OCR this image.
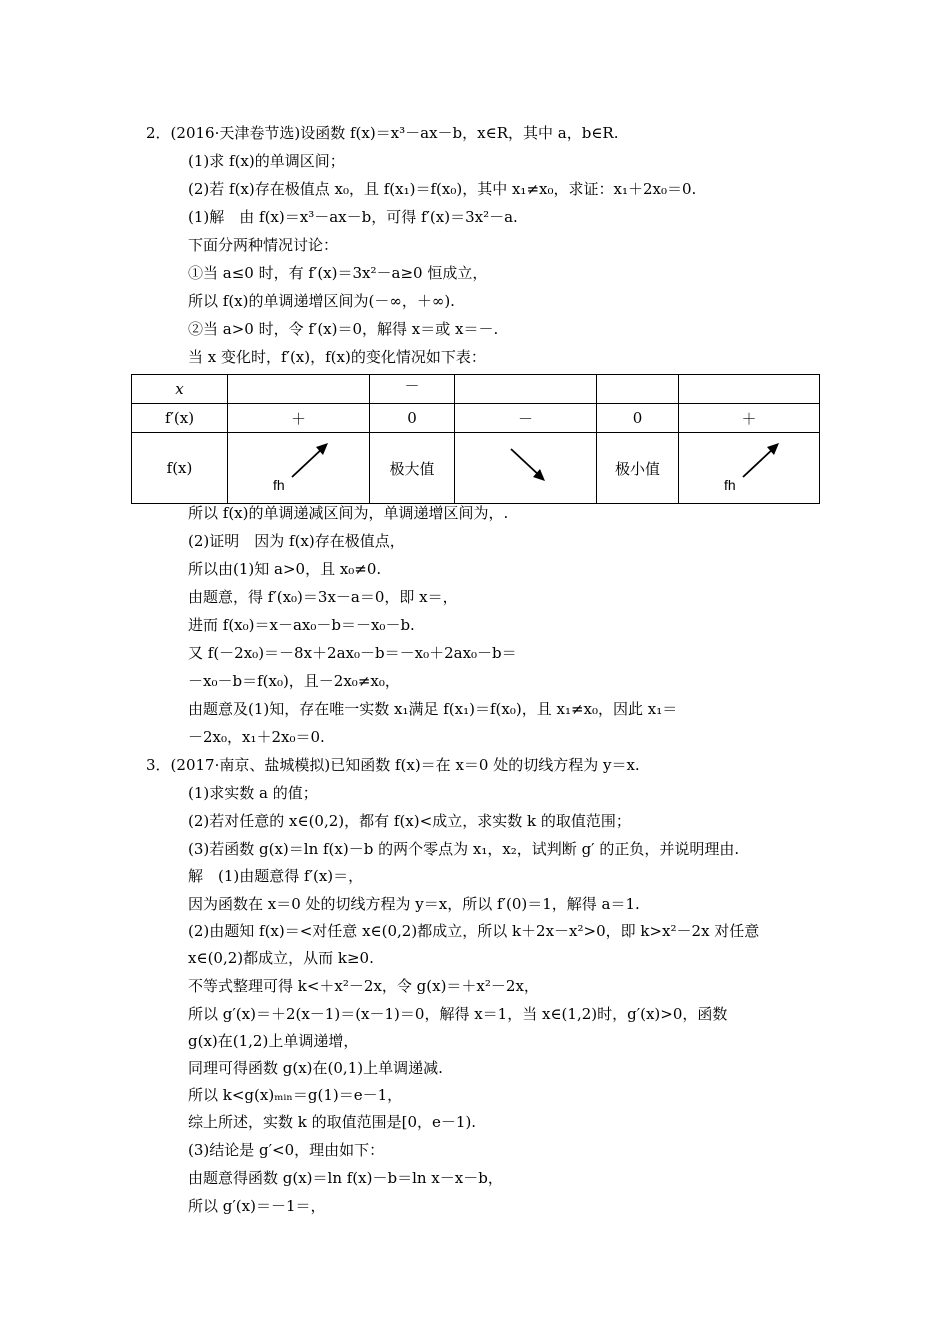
2．(2016·天津卷节选)设函数 f(x)＝x³－ax－b，x∈R，其中 a，b∈R.
(1)求 f(x)的单调区间；
(2)若 f(x)存在极值点 x₀，且 f(x₁)＝f(x₀)，其中 x₁≠x₀，求证：x₁＋2x₀＝0.
(1)解　由 f(x)＝x³－ax－b，可得 f′(x)＝3x²－a.
下面分两种情况讨论：
①当 a≤0 时，有 f′(x)＝3x²－a≥0 恒成立，
所以 f(x)的单调递增区间为(－∞，＋∞).
②当 a>0 时，令 f′(x)＝0，解得 x＝或 x＝－.
当 x 变化时，f′(x)，f(x)的变化情况如下表：
x		－			
f′(x)	＋	0	－	0	＋
f(x)	fh	极大值		极小值	fh
所以 f(x)的单调递减区间为，单调递增区间为，.
(2)证明　因为 f(x)存在极值点，
所以由(1)知 a>0，且 x₀≠0.
由题意，得 f′(x₀)＝3x－a＝0，即 x＝，
进而 f(x₀)＝x－ax₀－b＝－x₀－b.
又 f(－2x₀)＝－8x＋2ax₀－b＝－x₀＋2ax₀－b＝
－x₀－b＝f(x₀)，且－2x₀≠x₀，
由题意及(1)知，存在唯一实数 x₁满足 f(x₁)＝f(x₀)，且 x₁≠x₀，因此 x₁＝
－2x₀，x₁＋2x₀＝0.
3．(2017·南京、盐城模拟)已知函数 f(x)＝在 x＝0 处的切线方程为 y＝x.
(1)求实数 a 的值；
(2)若对任意的 x∈(0,2)，都有 f(x)<成立，求实数 k 的取值范围；
(3)若函数 g(x)＝ln f(x)－b 的两个零点为 x₁，x₂，试判断 g′ 的正负，并说明理由.
解　(1)由题意得 f′(x)＝，
因为函数在 x＝0 处的切线方程为 y＝x，所以 f′(0)＝1，解得 a＝1.
(2)由题知 f(x)＝<对任意 x∈(0,2)都成立，所以 k＋2x－x²>0，即 k>x²－2x 对任意
x∈(0,2)都成立，从而 k≥0.
不等式整理可得 k<＋x²－2x，令 g(x)＝＋x²－2x，
所以 g′(x)＝＋2(x－1)＝(x－1)＝0，解得 x＝1，当 x∈(1,2)时，g′(x)>0，函数
g(x)在(1,2)上单调递增，
同理可得函数 g(x)在(0,1)上单调递减.
所以 k<g(x)ₘᵢₙ＝g(1)＝e－1，
综上所述，实数 k 的取值范围是[0，e－1).
(3)结论是 g′<0，理由如下：
由题意得函数 g(x)＝ln f(x)－b＝ln x－x－b，
所以 g′(x)＝－1＝，
